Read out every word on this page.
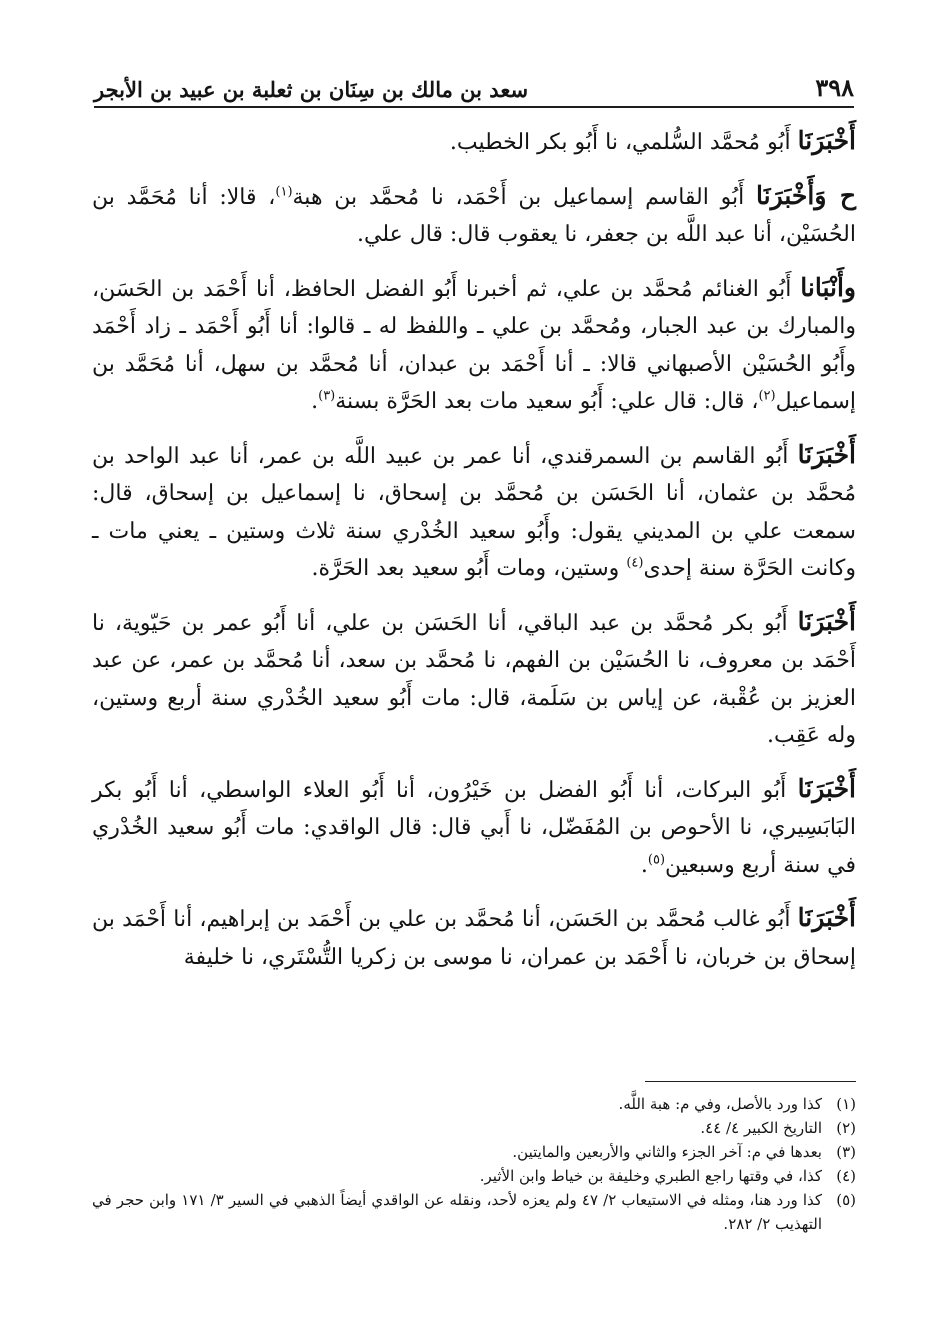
٣٩٨
سعد بن مالك بن سِنَان بن ثعلبة بن عبيد بن الأبجر

أَخْبَرَنَا أَبُو مُحمَّد السُّلمي، نا أَبُو بكر الخطيب.

ح وَأَخْبَرَنَا أَبُو القاسم إسماعيل بن أَحْمَد، نا مُحمَّد بن هبة$^{(١)}$، قالا: أنا مُحَمَّد بن الحُسَيْن، أنا عبد اللَّه بن جعفر، نا يعقوب قال: قال علي.

وأَنْبَانا أَبُو الغنائم مُحمَّد بن علي، ثم أخبرنا أَبُو الفضل الحافظ، أنا أَحْمَد بن الحَسَن، والمبارك بن عبد الجبار، ومُحمَّد بن علي ـ واللفظ له ـ قالوا: أنا أَبُو أَحْمَد ـ زاد أَحْمَد وأَبُو الحُسَيْن الأصبهاني قالا: ـ أنا أَحْمَد بن عبدان، أنا مُحمَّد بن سهل، أنا مُحَمَّد بن إسماعيل$^{(٢)}$، قال: قال علي: أَبُو سعيد مات بعد الحَرَّة بسنة$^{(٣)}$.

أَخْبَرَنَا أَبُو القاسم بن السمرقندي، أنا عمر بن عبيد اللَّه بن عمر، أنا عبد الواحد بن مُحمَّد بن عثمان، أنا الحَسَن بن مُحمَّد بن إسحاق، نا إسماعيل بن إسحاق، قال: سمعت علي بن المديني يقول: وأَبُو سعيد الخُدْري سنة ثلاث وستين ـ يعني مات ـ وكانت الحَرَّة سنة إحدى$^{(٤)}$ وستين، ومات أَبُو سعيد بعد الحَرَّة.

أَخْبَرَنَا أَبُو بكر مُحمَّد بن عبد الباقي، أنا الحَسَن بن علي، أنا أَبُو عمر بن حَيّوية، نا أَحْمَد بن معروف، نا الحُسَيْن بن الفهم، نا مُحمَّد بن سعد، أنا مُحمَّد بن عمر، عن عبد العزيز بن عُقْبة، عن إياس بن سَلَمة، قال: مات أَبُو سعيد الخُدْري سنة أربع وستين، وله عَقِب.

أَخْبَرَنَا أَبُو البركات، أنا أَبُو الفضل بن خَيْرُون، أنا أَبُو العلاء الواسطي، أنا أَبُو بكر البَابَسِيري، نا الأحوص بن المُفَضّل، نا أَبي قال: قال الواقدي: مات أَبُو سعيد الخُدْري في سنة أربع وسبعين$^{(٥)}$.

أَخْبَرَنَا أَبُو غالب مُحمَّد بن الحَسَن، أنا مُحمَّد بن علي بن أَحْمَد بن إبراهيم، أنا أَحْمَد بن إسحاق بن خربان، نا أَحْمَد بن عمران، نا موسى بن زكريا التُّسْتَري، نا خليفة

(١)
كذا ورد بالأصل، وفي م: هبة اللَّه.
(٢)
التاريخ الكبير ٤/ ٤٤.
(٣)
بعدها في م: آخر الجزء والثاني والأربعين والمايتين.
(٤)
كذا، في وقتها راجع الطبري وخليفة بن خياط وابن الأثير.
(٥)
كذا ورد هنا، ومثله في الاستيعاب ٢/ ٤٧ ولم يعزه لأحد، ونقله عن الواقدي أيضاً الذهبي في السير ٣/ ١٧١ وابن حجر في التهذيب ٢/ ٢٨٢.
